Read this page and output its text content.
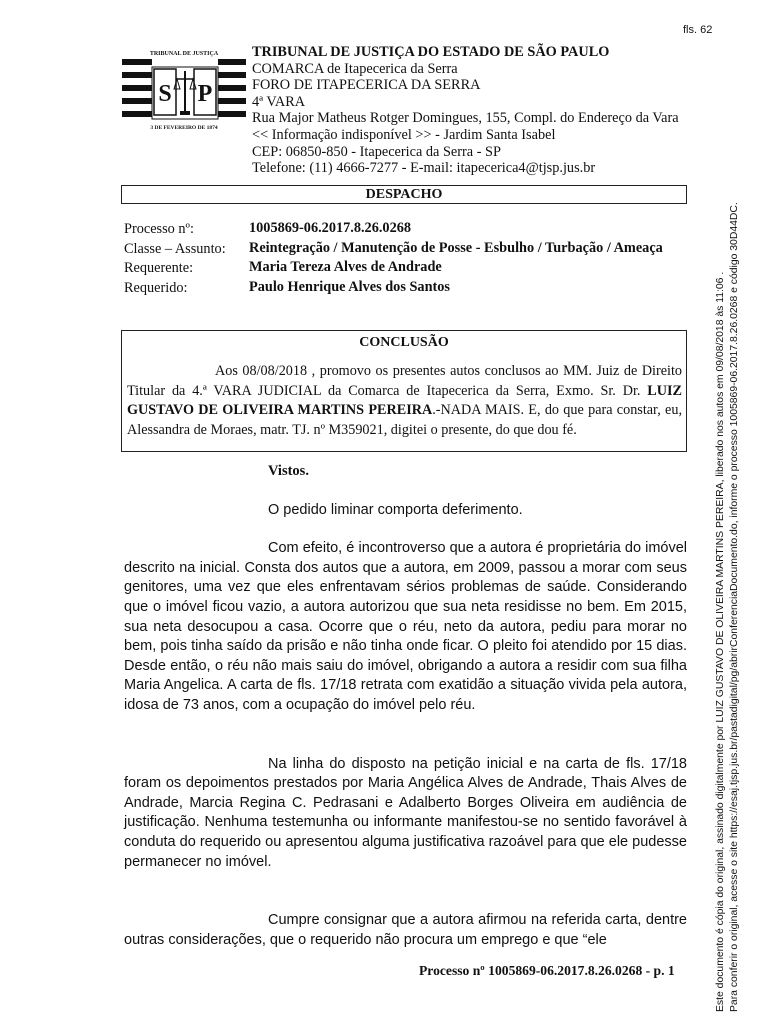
fls. 62
S P
TRIBUNAL DE JUSTIÇA
3 DE FEVEREIRO DE 1874
TRIBUNAL DE JUSTIÇA DO ESTADO DE SÃO PAULO
COMARCA de Itapecerica da Serra
FORO DE ITAPECERICA DA SERRA
4ª VARA
Rua Major Matheus Rotger Domingues, 155, Compl. do Endereço da Vara
<< Informação indisponível >> - Jardim Santa Isabel
CEP: 06850-850 - Itapecerica da Serra - SP
Telefone: (11) 4666-7277 - E-mail: itapecerica4@tjsp.jus.br
DESPACHO
Processo nº:	1005869-06.2017.8.26.0268
Classe – Assunto:	Reintegração / Manutenção de Posse - Esbulho / Turbação / Ameaça
Requerente:	Maria Tereza Alves de Andrade
Requerido:	Paulo Henrique Alves dos Santos
CONCLUSÃO
Aos 08/08/2018 , promovo os presentes autos conclusos ao MM. Juiz de Direito Titular da 4.ª VARA JUDICIAL da Comarca de Itapecerica da Serra, Exmo. Sr. Dr. LUIZ GUSTAVO DE OLIVEIRA MARTINS PEREIRA.-NADA MAIS. E, do que para constar, eu, Alessandra de Moraes, matr. TJ. nº M359021, digitei o presente, do que dou fé.

Vistos.

O pedido liminar comporta deferimento.

Com efeito, é incontroverso que a autora é proprietária do imóvel descrito na inicial. Consta dos autos que a autora, em 2009, passou a morar com seus genitores, uma vez que eles enfrentavam sérios problemas de saúde. Considerando que o imóvel ficou vazio, a autora autorizou que sua neta residisse no bem. Em 2015, sua neta desocupou a casa. Ocorre que o réu, neto da autora, pediu para morar no bem, pois tinha saído da prisão e não tinha onde ficar. O pleito foi atendido por 15 dias. Desde então, o réu não mais saiu do imóvel, obrigando a autora a residir com sua filha Maria Angelica. A carta de fls. 17/18 retrata com exatidão a situação vivida pela autora, idosa de 73 anos, com a ocupação do imóvel pelo réu.

Na linha do disposto na petição inicial e na carta de fls. 17/18 foram os depoimentos prestados por Maria Angélica Alves de Andrade, Thais Alves de Andrade, Marcia Regina C. Pedrasani e Adalberto Borges Oliveira em audiência de justificação. Nenhuma testemunha ou informante manifestou-se no sentido favorável à conduta do requerido ou apresentou alguma justificativa razoável para que ele pudesse permanecer no imóvel.

Cumpre consignar que a autora afirmou na referida carta, dentre outras considerações, que o requerido não procura um emprego e que “ele

Processo nº 1005869-06.2017.8.26.0268 - p. 1	Este documento é cópia do original, assinado digitalmente por LUIZ GUSTAVO DE OLIVEIRA MARTINS PEREIRA, liberado nos autos em 09/08/2018 às 11:06 . Para conferir o original, acesse o site https://esaj.tjsp.jus.br/pastadigital/pg/abrirConferenciaDocumento.do, informe o processo 1005869-06.2017.8.26.0268 e código 30D44DC.
